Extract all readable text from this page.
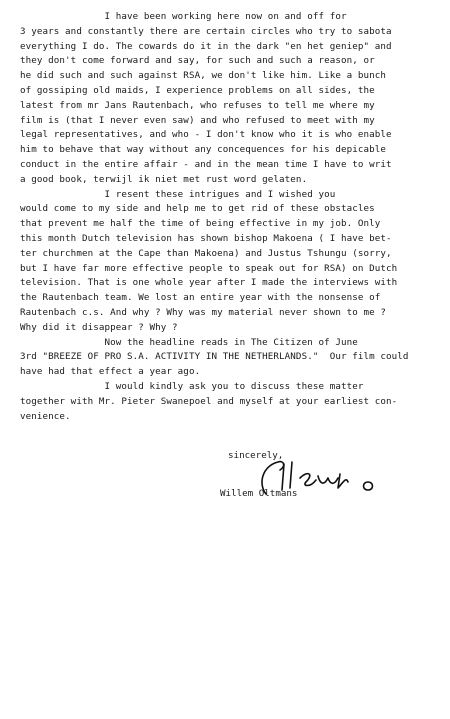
I have been working here now on and off for
3 years and constantly there are certain circles who try to sabota
everything I do. The cowards do it in the dark "en het geniep" and
they don't come forward and say, for such and such a reason, or
he did such and such against RSA, we don't like him. Like a bunch
of gossiping old maids, I experience problems on all sides, the
latest from mr Jans Rautenbach, who refuses to tell me where my
film is (that I never even saw) and who refused to meet with my
legal representatives, and who - I don't know who it is who enable
him to behave that way without any concequences for his depicable
conduct in the entire affair - and in the mean time I have to writ
a good book, terwijl ik niet met rust word gelaten.
I resent these intrigues and I wished you
would come to my side and help me to get rid of these obstacles
that prevent me half the time of being effective in my job. Only
this month Dutch television has shown bishop Makoena ( I have bet-
ter churchmen at the Cape than Makoena) and Justus Tshungu (sorry,
but I have far more effective people to speak out for RSA) on Dutch
television. That is one whole year after I made the interviews with
the Rautenbach team. We lost an entire year with the nonsense of
Rautenbach c.s. And why ? Why was my material never shown to me ?
Why did it disappear ? Why ?
Now the headline reads in The Citizen of June
3rd "BREEZE OF PRO S.A. ACTIVITY IN THE NETHERLANDS."  Our film could
have had that effect a year ago.
I would kindly ask you to discuss these matter
together with Mr. Pieter Swanepoel and myself at your earliest con-
venience.
sincerely,
Willem Oltmans
